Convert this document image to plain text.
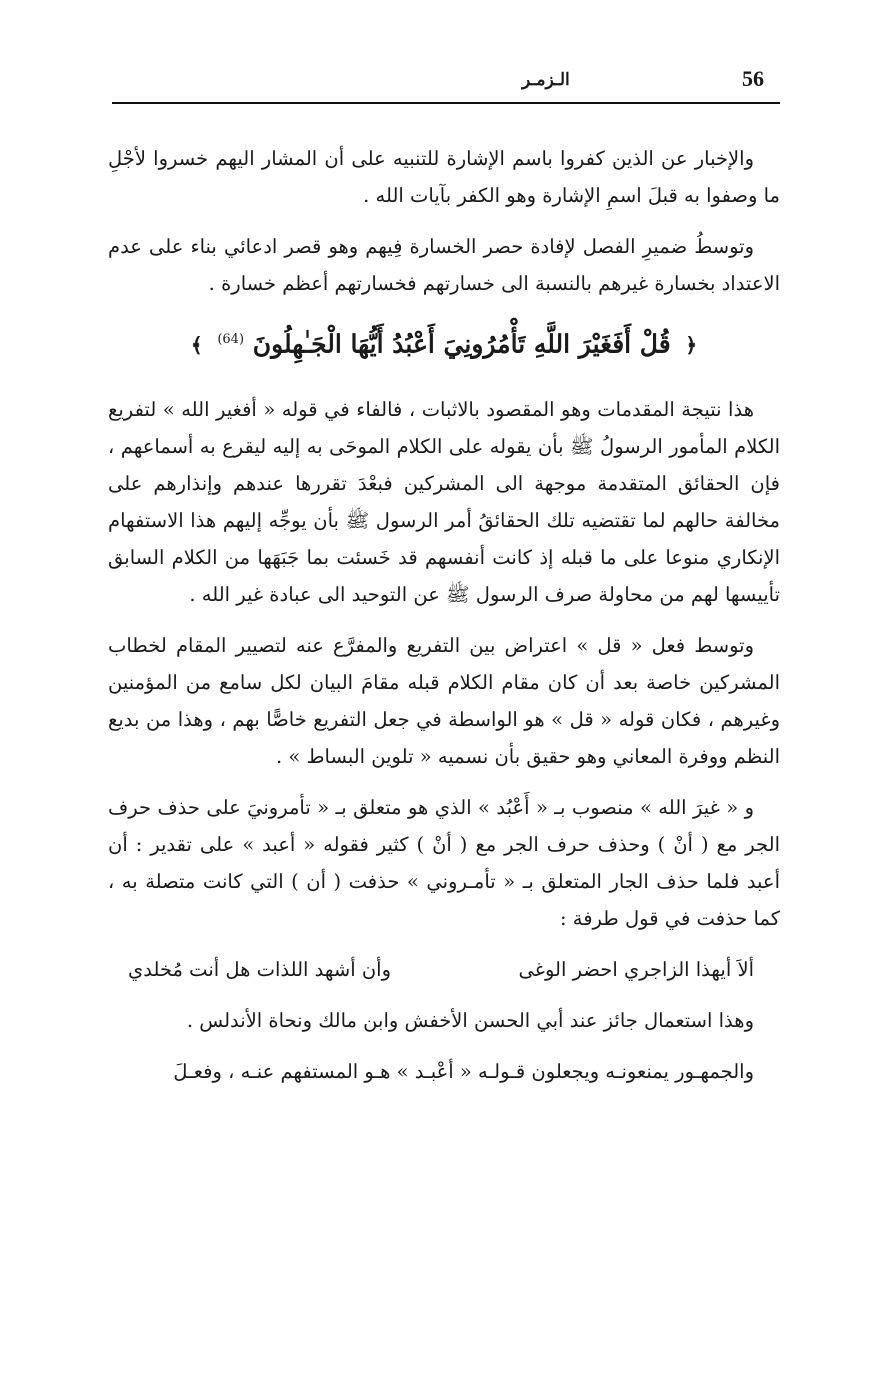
56
الـزمـر

والإخبار عن الذين كفروا باسم الإشارة للتنبيه على أن المشار اليهم خسروا لأجْلِ ما وصفوا به قبلَ اسمِ الإشارة وهو الكفر بآيات الله .

وتوسطُ ضميرِ الفصل لإفادة حصر الخسارة فِيهم وهو قصر ادعائي بناء على عدم الاعتداد بخسارة غيرهم بالنسبة الى خسارتهم فخسارتهم أعظم خسارة .

﴿ قُلْ أَفَغَيْرَ اللَّهِ تَأْمُرُونِيَ أَعْبُدُ أَيُّهَا الْجَـٰهِلُونَ $^{(64)}$ ﴾

هذا نتيجة المقدمات وهو المقصود بالاثبات ، فالفاء في قوله « أفغير الله » لتفريع الكلام المأمور الرسولُ ﷺ بأن يقوله على الكلام الموحَى به إليه ليقرع به أسماعهم ، فإن الحقائق المتقدمة موجهة الى المشركين فبعْدَ تقررها عندهم وإنذارهم على مخالفة حالهم لما تقتضيه تلك الحقائقُ أمر الرسول ﷺ بأن يوجِّه إليهم هذا الاستفهام الإنكاري منوعا على ما قبله إذ كانت أنفسهم قد خَسئت بما جَبَهَها من الكلام السابق تأييسها لهم من محاولة صرف الرسول ﷺ عن التوحيد الى عبادة غير الله .

وتوسط فعل « قل » اعتراض بين التفريع والمفرَّع عنه لتصيير المقام لخطاب المشركين خاصة بعد أن كان مقام الكلام قبله مقامَ البيان لكل سامع من المؤمنين وغيرهم ، فكان قوله « قل » هو الواسطة في جعل التفريع خاصًّا بهم ، وهذا من بديع النظم ووفرة المعاني وهو حقيق بأن نسميه « تلوين البساط » .

و « غيرَ الله » منصوب بـ « أَعْبُد » الذي هو متعلق بـ « تأمرونيَ على حذف حرف الجر مع ( أنْ ) وحذف حرف الجر مع ( أنْ ) كثير فقوله « أعبد » على تقدير : أن أعبد فلما حذف الجار المتعلق بـ « تأمـروني » حذفت ( أن ) التي كانت متصلة به ، كما حذفت في قول طرفة :

ألاَ أيهذا الزاجري احضر الوغى
وأن أشهد اللذات هل أنت مُخلدي

وهذا استعمال جائز عند أبي الحسن الأخفش وابن مالك ونحاة الأندلس .

والجمهـور يمنعونـه ويجعلون قـولـه « أعْبـد » هـو المستفهم عنـه ، وفعـلَ
